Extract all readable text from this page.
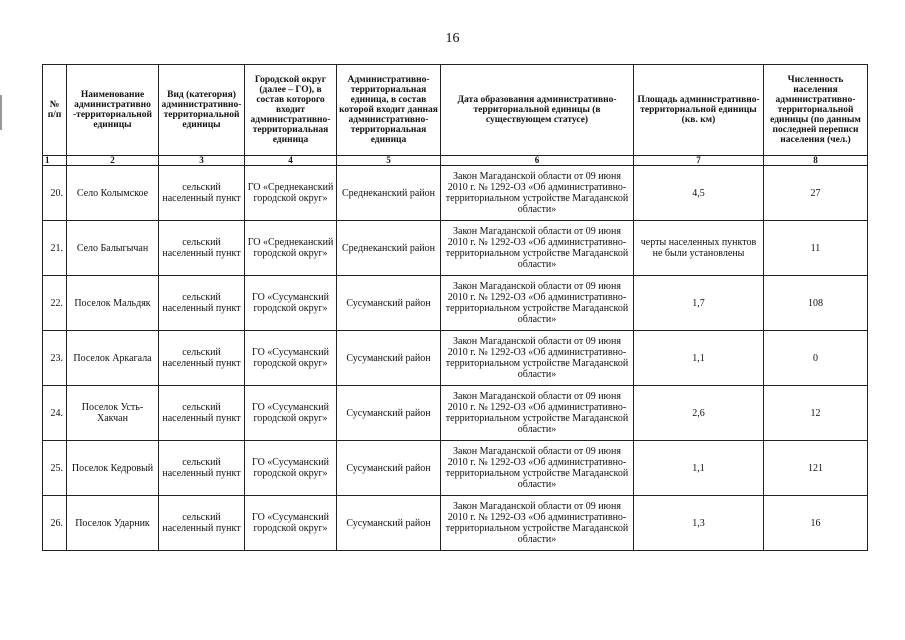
16
№ п/п	Наименование административно -территориальной единицы	Вид (категория) административно-территориальной единицы	Городской округ (далее – ГО), в состав которого входит административно-территориальная единица	Административно-территориальная единица, в состав которой входит данная административно-территориальная единица	Дата образования административно-территориальной единицы (в существующем статусе)	Площадь административно-территориальной единицы (кв. км)	Численность населения административно-территориальной единицы (по данным последней переписи населения (чел.)
1	2	3	4	5	6	7	8
20.	Село Колымское	сельский населенный пункт	ГО «Среднеканский городской округ»	Среднеканский район	Закон Магаданской области от 09 июня 2010 г. № 1292-ОЗ «Об административно-территориальном устройстве Магаданской области»	4,5	27
21.	Село Балыгычан	сельский населенный пункт	ГО «Среднеканский городской округ»	Среднеканский район	Закон Магаданской области от 09 июня 2010 г. № 1292-ОЗ «Об административно-территориальном устройстве Магаданской области»	черты населенных пунктов не были установлены	11
22.	Поселок Мальдяк	сельский населенный пункт	ГО «Сусуманский городской округ»	Сусуманский район	Закон Магаданской области от 09 июня 2010 г. № 1292-ОЗ «Об административно-территориальном устройстве Магаданской области»	1,7	108
23.	Поселок Аркагала	сельский населенный пункт	ГО «Сусуманский городской округ»	Сусуманский район	Закон Магаданской области от 09 июня 2010 г. № 1292-ОЗ «Об административно-территориальном устройстве Магаданской области»	1,1	0
24.	Поселок Усть-Хакчан	сельский населенный пункт	ГО «Сусуманский городской округ»	Сусуманский район	Закон Магаданской области от 09 июня 2010 г. № 1292-ОЗ «Об административно-территориальном устройстве Магаданской области»	2,6	12
25.	Поселок Кедровый	сельский населенный пункт	ГО «Сусуманский городской округ»	Сусуманский район	Закон Магаданской области от 09 июня 2010 г. № 1292-ОЗ «Об административно-территориальном устройстве Магаданской области»	1,1	121
26.	Поселок Ударник	сельский населенный пункт	ГО «Сусуманский городской округ»	Сусуманский район	Закон Магаданской области от 09 июня 2010 г. № 1292-ОЗ «Об административно-территориальном устройстве Магаданской области»	1,3	16
